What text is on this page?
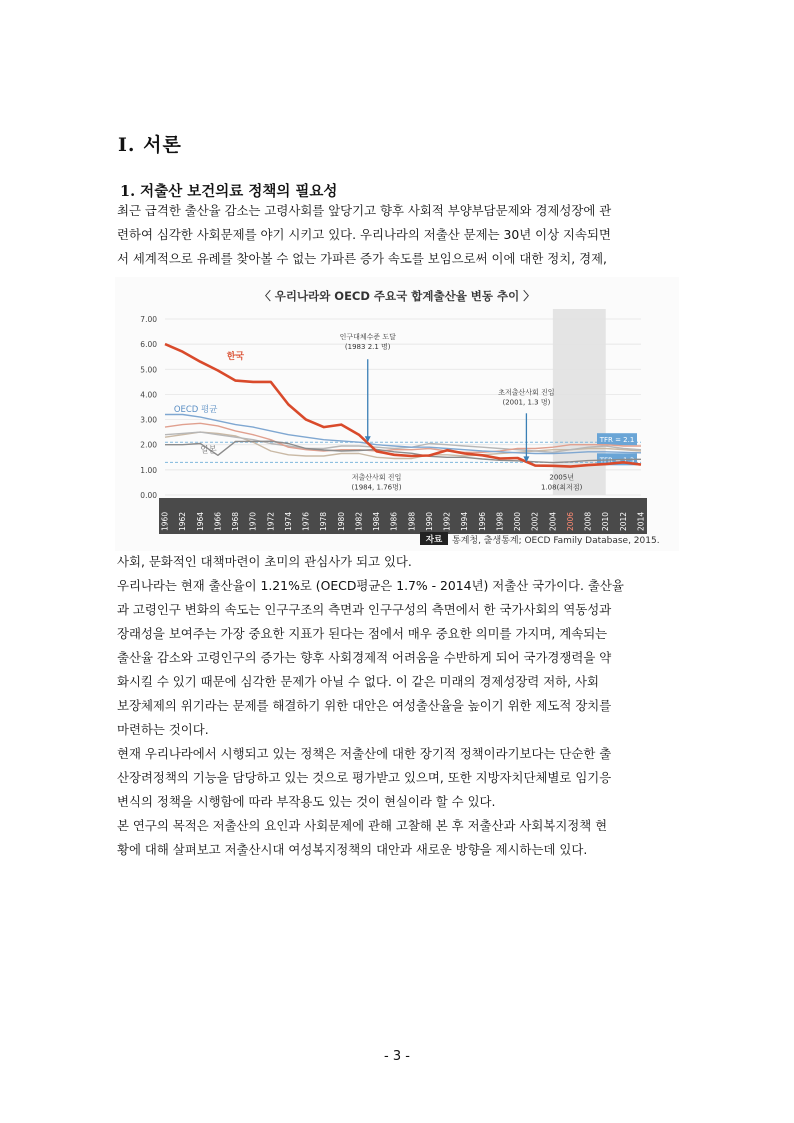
Ⅰ. 서론
1. 저출산 보건의료 정책의 필요성
최근 급격한 출산율 감소는 고령사회를 앞당기고 향후 사회적 부양부담문제와 경제성장에 관
련하여 심각한 사회문제를 야기 시키고 있다. 우리나라의 저출산 문제는 30년 이상 지속되면
서 세계적으로 유례를 찾아볼 수 없는 가파른 증가 속도를 보임으로써 이에 대한 정치, 경제,
〈 우리나라와 OECD 주요국 합계출산율 변동 추이 〉
0.00
1.00
2.00
3.00
4.00
5.00
6.00
7.00
1960 1962 1964 1966 1968 1970 1972 1974 1976 1978 1980 1982 1984 1986 1988 1990 1992 1994 1996 1998 2000 2002 2004 2006 2008 2010 2012 2014
TFR = 2.1
TFR = 1.3
한국
OECD 평균
일본
인구대체수준 도달
(1983 2.1 명)
초저출산사회 진입
(2001, 1.3 명)
저출산사회 진입
(1984, 1.76명)
2005년
1.08(최저점)
자료 통계청, 출생통계; OECD Family Database, 2015.
사회, 문화적인 대책마련이 초미의 관심사가 되고 있다.
우리나라는 현재 출산율이 1.21%로 (OECD평균은 1.7% - 2014년) 저출산 국가이다. 출산율
과 고령인구 변화의 속도는 인구구조의 측면과 인구구성의 측면에서 한 국가사회의 역동성과
장래성을 보여주는 가장 중요한 지표가 된다는 점에서 매우 중요한 의미를 가지며, 계속되는
출산율 감소와 고령인구의 증가는 향후 사회경제적 어려움을 수반하게 되어 국가경쟁력을 약
화시킬 수 있기 때문에 심각한 문제가 아닐 수 없다. 이 같은 미래의 경제성장력 저하, 사회
보장체제의 위기라는 문제를 해결하기 위한 대안은 여성출산율을 높이기 위한 제도적 장치를
마련하는 것이다.
현재 우리나라에서 시행되고 있는 정책은 저출산에 대한 장기적 정책이라기보다는 단순한 출
산장려정책의 기능을 담당하고 있는 것으로 평가받고 있으며, 또한 지방자치단체별로 임기응
변식의 정책을 시행함에 따라 부작용도 있는 것이 현실이라 할 수 있다.
본 연구의 목적은 저출산의 요인과 사회문제에 관해 고찰해 본 후 저출산과 사회복지정책 현
황에 대해 살펴보고 저출산시대 여성복지정책의 대안과 새로운 방향을 제시하는데 있다.
- 3 -
